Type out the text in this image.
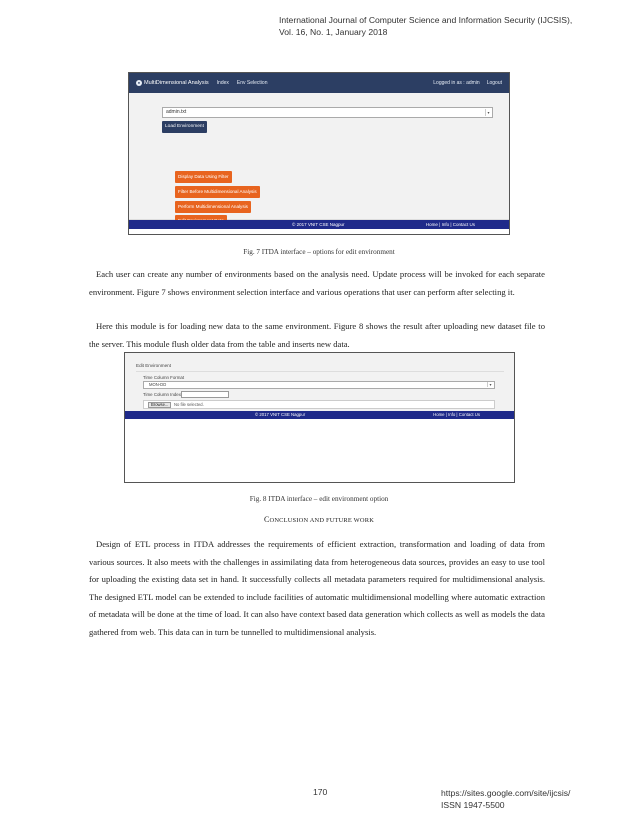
International Journal of Computer Science and Information Security (IJCSIS),
Vol. 16, No. 1, January 2018
● MultiDimensional Analysis Index Env Selection	Logged in as : admin Logout
admin.txt	▾
Load Environment
Display Data Using Filter
Filter Before Multidimensional Analysis
Perform Multidimensional Analysis
© 2017 VNIT CSE Nagpur	Home | Info | Contact Us
Fig. 7 ITDA interface – options for edit environment
Each user can create any number of environments based on the analysis need. Update process will be invoked for each separate environment. Figure 7 shows environment selection interface and various operations that user can perform after selecting it.
Here this module is for loading new data to the same environment. Figure 8 shows the result after uploading new dataset file to the server. This module flush older data from the table and inserts new data.
Edit Environment
Time Column Format
MON-DD	▾
Time Column Index
Browse...	No file selected.
© 2017 VNIT CSE Nagpur	Home | Info | Contact Us
Fig. 8 ITDA interface – edit environment option
CONCLUSION AND FUTURE WORK
Design of ETL process in ITDA addresses the requirements of efficient extraction, transformation and loading of data from various sources. It also meets with the challenges in assimilating data from heterogeneous data sources, provides an easy to use tool for uploading the existing data set in hand. It successfully collects all metadata parameters required for multidimensional analysis. The designed ETL model can be extended to include facilities of automatic multidimensional modelling where automatic extraction of metadata will be done at the time of load. It can also have context based data generation which collects as well as models the data gathered from web. This data can in turn be tunnelled to multidimensional analysis.
170	https://sites.google.com/site/ijcsis/
ISSN 1947-5500
